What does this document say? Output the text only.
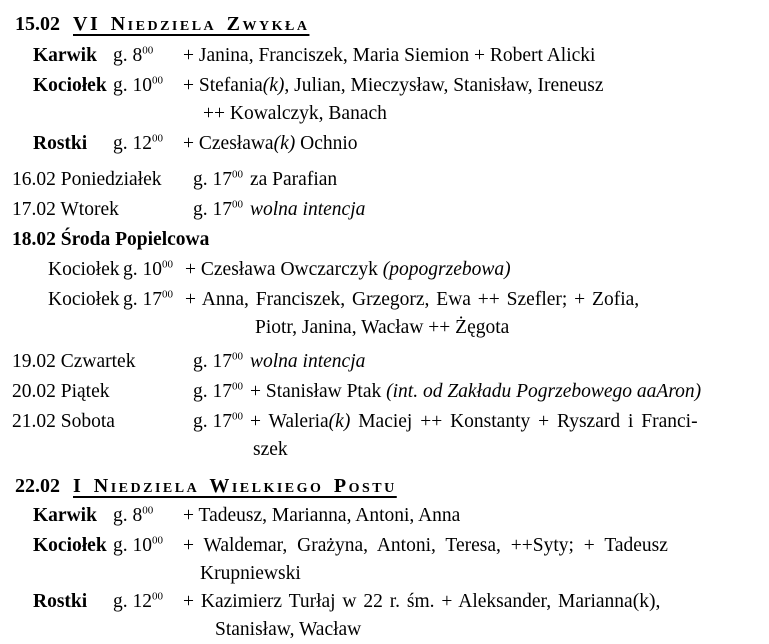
15.02 VI Niedziela Zwykła
Karwik g. $8^{00}$ + Janina, Franciszek, Maria Siemion + Robert Alicki
Kociołek g. $10^{00}$ + Stefania(k), Julian, Mieczysław, Stanisław, Ireneusz
++ Kowalczyk, Banach
Rostki g. $12^{00}$ + Czesława(k) Ochnio
16.02 Poniedziałek g. $17^{00}$ za Parafian
17.02 Wtorek	g. $17^{00}$ wolna intencja
18.02 Środa Popielcowa
Kociołek g. $10^{00}$ + Czesława Owczarczyk (popogrzebowa)
Kociołek g. $17^{00}$ + Anna, Franciszek, Grzegorz, Ewa ++ Szefler; + Zofia,
Piotr, Janina, Wacław ++ Żęgota
19.02 Czwartek	g. $17^{00}$ wolna intencja
20.02 Piątek	g. $17^{00}$ + Stanisław Ptak (int. od Zakładu Pogrzebowego aaAron)
21.02 Sobota	g. $17^{00}$ + Waleria(k) Maciej ++ Konstanty + Ryszard i Franci-
szek
22.02 I Niedziela Wielkiego Postu
Karwik g. $8^{00}$ + Tadeusz, Marianna, Antoni, Anna
Kociołek g. $10^{00}$ + Waldemar, Grażyna, Antoni, Teresa, ++Syty; + Tadeusz
Krupniewski
Rostki g. $12^{00}$ + Kazimierz Turłaj w 22 r. śm. + Aleksander, Marianna(k),
Stanisław, Wacław
